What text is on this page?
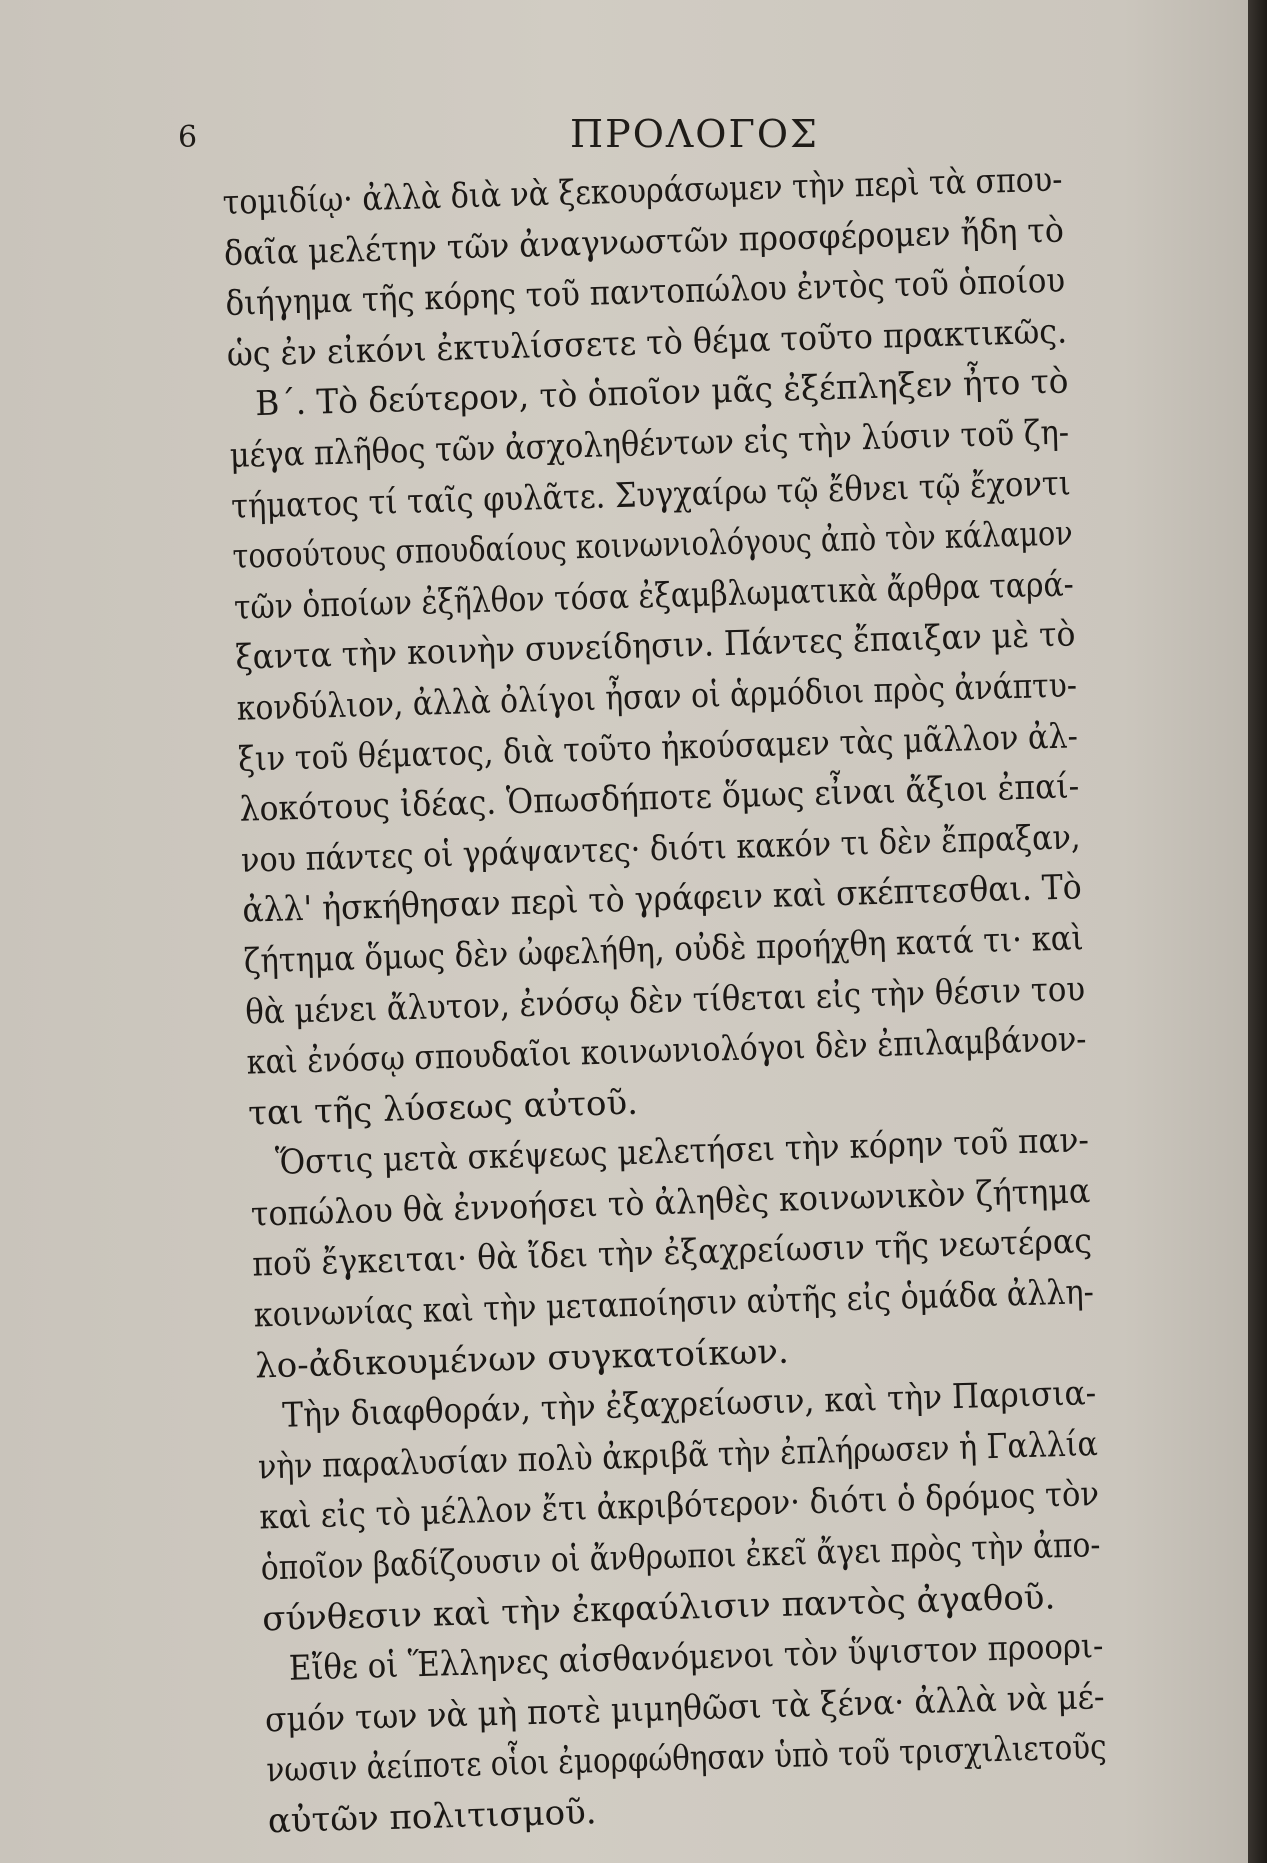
6	ΠΡΟΛΟΓΟΣ
τομιδίῳ· ἀλλὰ διὰ νὰ ξεκουράσωμεν τὴν περὶ τὰ σπου-
δαῖα μελέτην τῶν ἀναγνωστῶν προσφέρομεν ἤδη τὸ
διήγημα τῆς κόρης τοῦ παντοπώλου ἐντὸς τοῦ ὁποίου
ὡς ἐν εἰκόνι ἐκτυλίσσετε τὸ θέμα τοῦτο πρακτικῶς.
Β΄. Τὸ δεύτερον, τὸ ὁποῖον μᾶς ἐξέπληξεν ἦτο τὸ
μέγα πλῆθος τῶν ἀσχοληθέντων εἰς τὴν λύσιν τοῦ ζη-
τήματος τί ταῖς φυλᾶτε. Συγχαίρω τῷ ἔθνει τῷ ἔχοντι
τοσούτους σπουδαίους κοινωνιολόγους ἀπὸ τὸν κάλαμον
τῶν ὁποίων ἐξῆλθον τόσα ἐξαμβλωματικὰ ἄρθρα ταρά-
ξαντα τὴν κοινὴν συνείδησιν. Πάντες ἔπαιξαν μὲ τὸ
κονδύλιον, ἀλλὰ ὀλίγοι ἦσαν οἱ ἁρμόδιοι πρὸς ἀνάπτυ-
ξιν τοῦ θέματος, διὰ τοῦτο ἠκούσαμεν τὰς μᾶλλον ἀλ-
λοκότους ἰδέας. Ὁπωσδήποτε ὅμως εἶναι ἄξιοι ἐπαί-
νου πάντες οἱ γράψαντες· διότι κακόν τι δὲν ἔπραξαν,
ἀλλ' ἠσκήθησαν περὶ τὸ γράφειν καὶ σκέπτεσθαι. Τὸ
ζήτημα ὅμως δὲν ὠφελήθη, οὐδὲ προήχθη κατά τι· καὶ
θὰ μένει ἄλυτον, ἐνόσῳ δὲν τίθεται εἰς τὴν θέσιν του
καὶ ἐνόσῳ σπουδαῖοι κοινωνιολόγοι δὲν ἐπιλαμβάνον-
ται τῆς λύσεως αὐτοῦ.
Ὅστις μετὰ σκέψεως μελετήσει τὴν κόρην τοῦ παν-
τοπώλου θὰ ἐννοήσει τὸ ἀληθὲς κοινωνικὸν ζήτημα
ποῦ ἔγκειται· θὰ ἴδει τὴν ἐξαχρείωσιν τῆς νεωτέρας
κοινωνίας καὶ τὴν μεταποίησιν αὐτῆς εἰς ὁμάδα ἀλλη-
λο-ἀδικουμένων συγκατοίκων.
Τὴν διαφθοράν, τὴν ἐξαχρείωσιν, καὶ τὴν Παρισια-
νὴν παραλυσίαν πολὺ ἀκριβᾶ τὴν ἐπλήρωσεν ἡ Γαλλία
καὶ εἰς τὸ μέλλον ἔτι ἀκριβότερον· διότι ὁ δρόμος τὸν
ὁποῖον βαδίζουσιν οἱ ἄνθρωποι ἐκεῖ ἄγει πρὸς τὴν ἀπο-
σύνθεσιν καὶ τὴν ἐκφαύλισιν παντὸς ἀγαθοῦ.
Εἴθε οἱ Ἕλληνες αἰσθανόμενοι τὸν ὕψιστον προορι-
σμόν των νὰ μὴ ποτὲ μιμηθῶσι τὰ ξένα· ἀλλὰ νὰ μέ-
νωσιν ἀείποτε οἷοι ἐμορφώθησαν ὑπὸ τοῦ τρισχιλιετοῦς
αὐτῶν πολιτισμοῦ.
